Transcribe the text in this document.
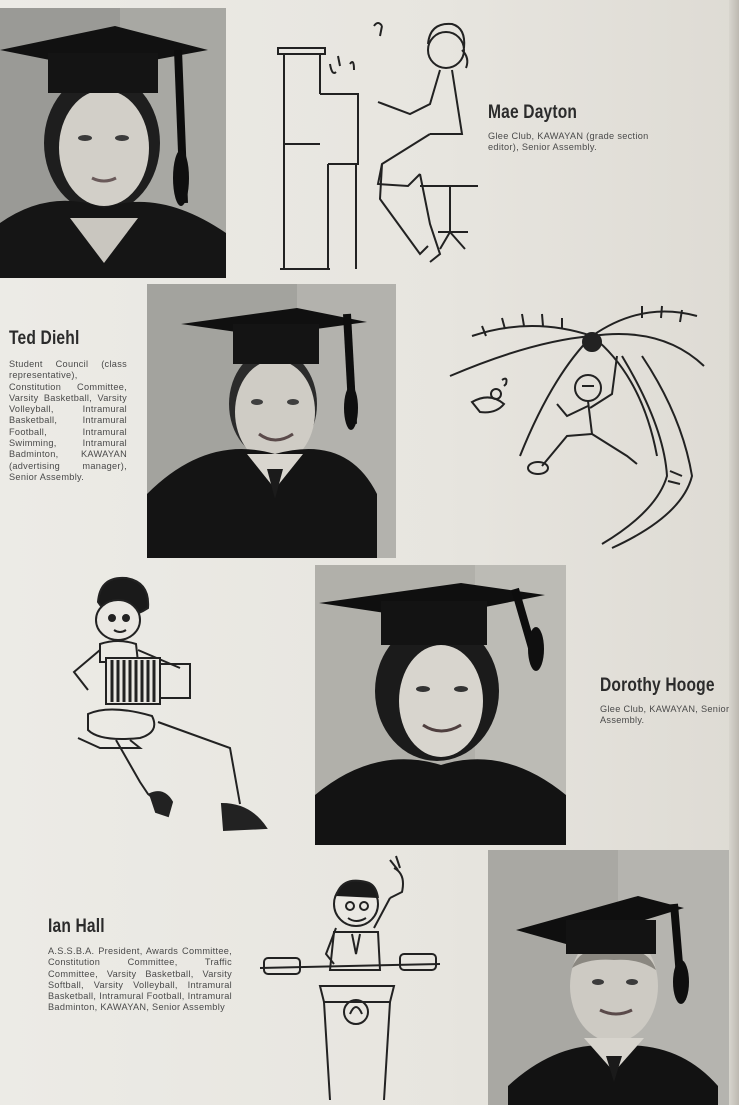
Mae Dayton
Glee Club, KAWAYAN (grade section editor), Senior Assembly.
Ted Diehl
Student Council (class representative), Constitution Committee, Varsity Basketball, Varsity Volleyball, Intramural Basketball, Intramural Football, Intramural Swimming, Intramural Badminton, KAWAYAN (advertising manager), Senior Assembly.
Dorothy Hooge
Glee Club, KAWAYAN, Senior Assembly.
Ian Hall
A.S.S.B.A. President, Awards Committee, Constitution Committee, Traffic Committee, Varsity Basketball, Varsity Softball, Varsity Volleyball, Intramural Basketball, Intramural Football, Intramural Badminton, KAWAYAN, Senior Assembly
